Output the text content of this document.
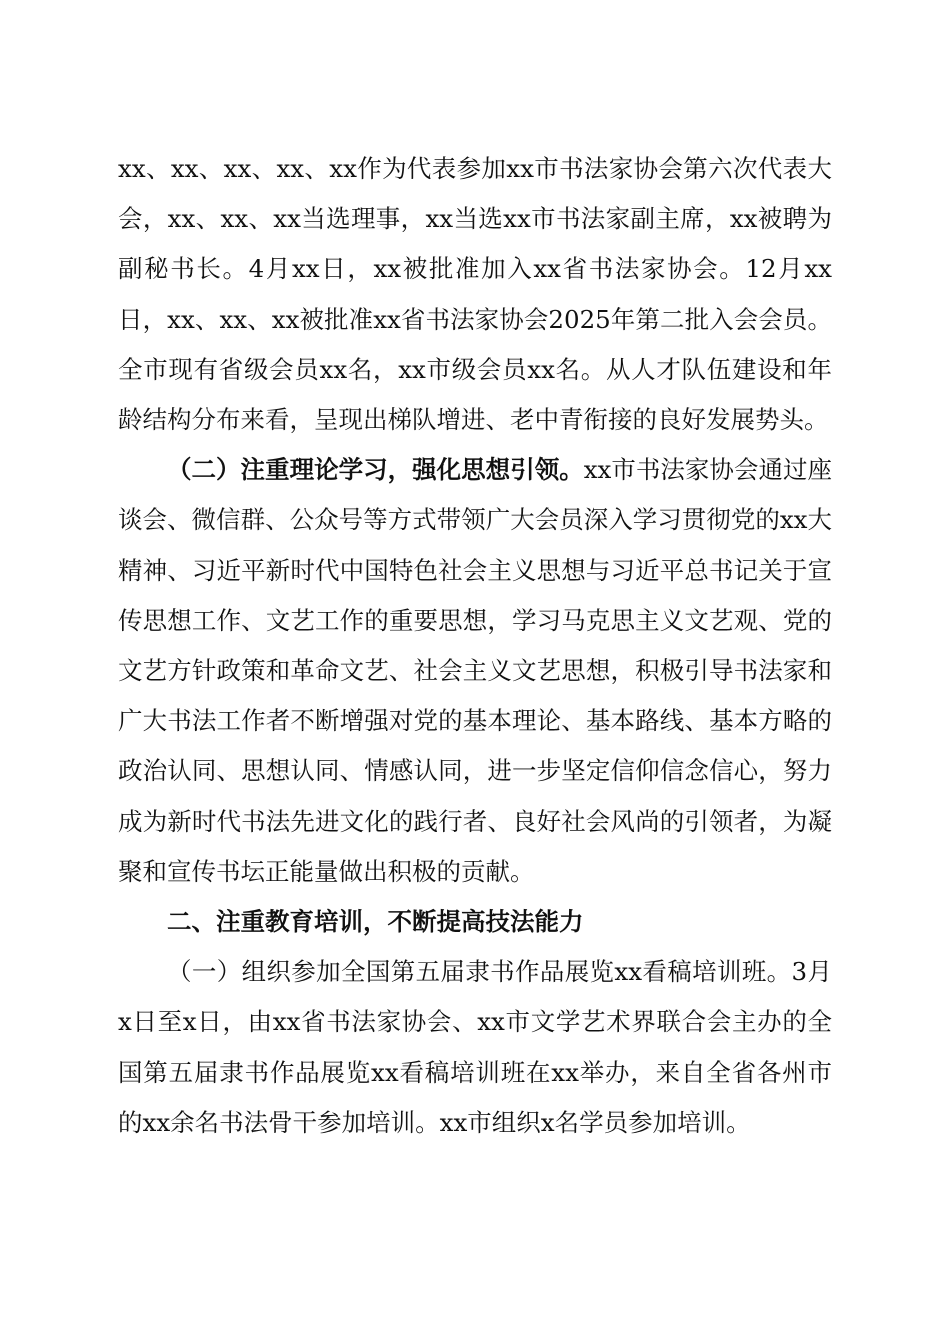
xx、xx、xx、xx、xx作为代表参加xx市书法家协会第六次代表大会，xx、xx、xx当选理事，xx当选xx市书法家副主席，xx被聘为副秘书长。4月xx日，xx被批准加入xx省书法家协会。12月xx日，xx、xx、xx被批准xx省书法家协会2025年第二批入会会员。全市现有省级会员xx名，xx市级会员xx名。从人才队伍建设和年龄结构分布来看，呈现出梯队增进、老中青衔接的良好发展势头。

（二）注重理论学习，强化思想引领。xx市书法家协会通过座谈会、微信群、公众号等方式带领广大会员深入学习贯彻党的xx大精神、习近平新时代中国特色社会主义思想与习近平总书记关于宣传思想工作、文艺工作的重要思想，学习马克思主义文艺观、党的文艺方针政策和革命文艺、社会主义文艺思想，积极引导书法家和广大书法工作者不断增强对党的基本理论、基本路线、基本方略的政治认同、思想认同、情感认同，进一步坚定信仰信念信心，努力成为新时代书法先进文化的践行者、良好社会风尚的引领者，为凝聚和宣传书坛正能量做出积极的贡献。

二、注重教育培训，不断提高技法能力

（一）组织参加全国第五届隶书作品展览xx看稿培训班。3月x日至x日，由xx省书法家协会、xx市文学艺术界联合会主办的全国第五届隶书作品展览xx看稿培训班在xx举办，来自全省各州市的xx余名书法骨干参加培训。xx市组织x名学员参加培训。
